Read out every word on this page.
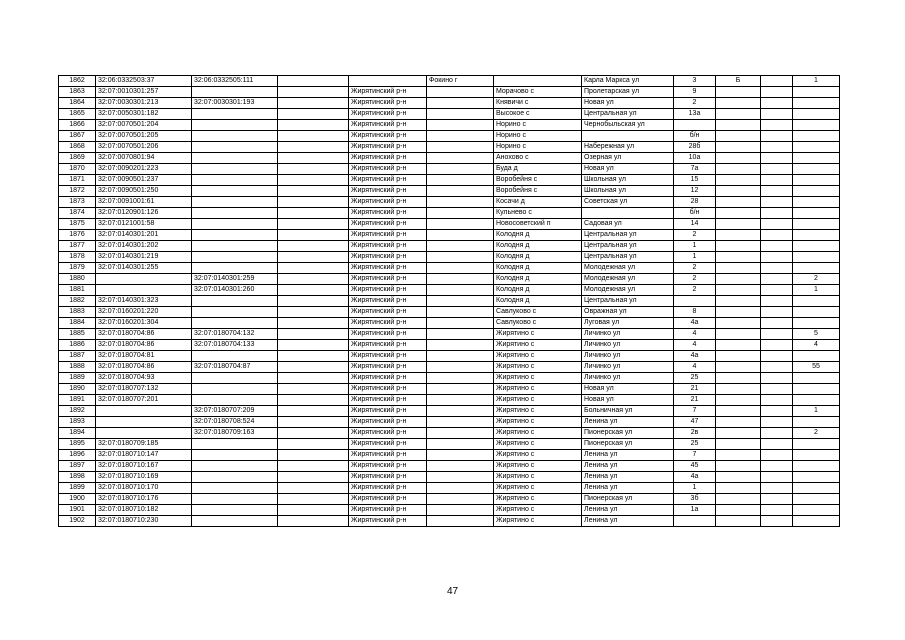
1862	32:06:0332503:37	32:06:0332505:111			Фокино г		Карла Маркса ул	3	Б		1
1863	32:07:0010301:257			Жирятинский р-н		Морачово с	Пролетарская ул	9			
1864	32:07:0030301:213	32:07:0030301:193		Жирятинский р-н		Княвичи с	Новая ул	2			
1865	32:07:0050301:182			Жирятинский р-н		Высокое с	Центральная ул	13а			
1866	32:07:0070501:204			Жирятинский р-н		Норино с	Чернобыльская ул				
1867	32:07:0070501:205			Жирятинский р-н		Норино с		б/н			
1868	32:07:0070501:206			Жирятинский р-н		Норино с	Набережная ул	28б			
1869	32:07:0070801:94			Жирятинский р-н		Анохово с	Озерная ул	10а			
1870	32:07:0090201:223			Жирятинский р-н		Буда д	Новая ул	7а			
1871	32:07:0090501:237			Жирятинский р-н		Воробейня с	Школьная ул	15			
1872	32:07:0090501:250			Жирятинский р-н		Воробейня с	Школьная ул	12			
1873	32:07:0091001:61			Жирятинский р-н		Косачи д	Советская ул	28			
1874	32:07:0120901:126			Жирятинский р-н		Кульнево с		б/н			
1875	32:07:0121001:58			Жирятинский р-н		Новосоветский п	Садовая ул	14			
1876	32:07:0140301:201			Жирятинский р-н		Колодня д	Центральная ул	2			
1877	32:07:0140301:202			Жирятинский р-н		Колодня д	Центральная ул	1			
1878	32:07:0140301:219			Жирятинский р-н		Колодня д	Центральная ул	1			
1879	32:07:0140301:255			Жирятинский р-н		Колодня д	Молодежная ул	2			
1880		32:07:0140301:259		Жирятинский р-н		Колодня д	Молодежная ул	2			2
1881		32:07:0140301:260		Жирятинский р-н		Колодня д	Молодежная ул	2			1
1882	32:07:0140301:323			Жирятинский р-н		Колодня д	Центральная ул				
1883	32:07:0160201:220			Жирятинский р-н		Савлуково с	Овражная ул	8			
1884	32:07:0160201:304			Жирятинский р-н		Савлуково с	Луговая ул	4а			
1885	32:07:0180704:86	32:07:0180704:132		Жирятинский р-н		Жирятино с	Личинко ул	4			5
1886	32:07:0180704:86	32:07:0180704:133		Жирятинский р-н		Жирятино с	Личинко ул	4			4
1887	32:07:0180704:81			Жирятинский р-н		Жирятино с	Личинко ул	4а			
1888	32:07:0180704:86	32:07:0180704:87		Жирятинский р-н		Жирятино с	Личинко ул	4			55
1889	32:07:0180704:93			Жирятинский р-н		Жирятино с	Личинко ул	25			
1890	32:07:0180707:132			Жирятинский р-н		Жирятино с	Новая ул	21			
1891	32:07:0180707:201			Жирятинский р-н		Жирятино с	Новая ул	21			
1892		32:07:0180707:209		Жирятинский р-н		Жирятино с	Больничная ул	7			1
1893		32:07:0180708:524		Жирятинский р-н		Жирятино с	Ленина ул	47			
1894		32:07:0180709:163		Жирятинский р-н		Жирятино с	Пионерская ул	2в			2
1895	32:07:0180709:185			Жирятинский р-н		Жирятино с	Пионерская ул	25			
1896	32:07:0180710:147			Жирятинский р-н		Жирятино с	Ленина ул	7			
1897	32:07:0180710:167			Жирятинский р-н		Жирятино с	Ленина ул	45			
1898	32:07:0180710:169			Жирятинский р-н		Жирятино с	Ленина ул	4а			
1899	32:07:0180710:170			Жирятинский р-н		Жирятино с	Ленина ул	1			
1900	32:07:0180710:176			Жирятинский р-н		Жирятино с	Пионерская ул	3б			
1901	32:07:0180710:182			Жирятинский р-н		Жирятино с	Ленина ул	1а			
1902	32:07:0180710:230			Жирятинский р-н		Жирятино с	Ленина ул				
47
